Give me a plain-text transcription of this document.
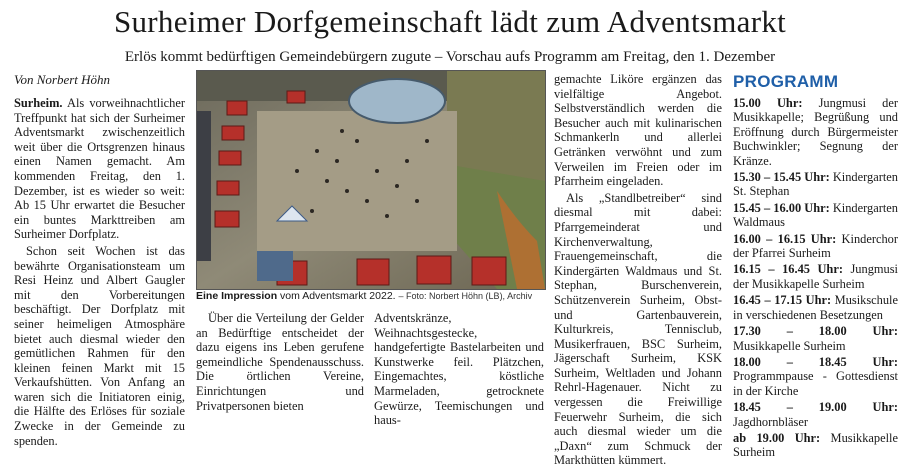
Surheimer Dorfgemeinschaft lädt zum Adventsmarkt
Erlös kommt bedürftigen Gemeindebürgern zugute – Vorschau aufs Programm am Freitag, den 1. Dezember
Von Norbert Höhn

Surheim. Als vorweihnachtlicher Treffpunkt hat sich der Surheimer Adventsmarkt zwischenzeitlich weit über die Ortsgrenzen hinaus einen Namen gemacht. Am kommenden Freitag, den 1. Dezember, ist es wieder so weit: Ab 15 Uhr erwartet die Besucher ein buntes Markttreiben am Surheimer Dorfplatz.

Schon seit Wochen ist das bewährte Organisationsteam um Resi Heinz und Albert Gaugler mit den Vorbereitungen beschäftigt. Der Dorfplatz mit seiner heimeligen Atmosphäre bietet auch diesmal wieder den gemütlichen Rahmen für den kleinen feinen Markt mit 15 Verkaufshütten. Von Anfang an waren sich die Initiatoren einig, die Hälfte des Erlöses für soziale Zwecke in der Gemeinde zu spenden.

Eine Impression vom Adventsmarkt 2022. – Foto: Norbert Höhn (LB), Archiv

Über die Verteilung der Gelder an Bedürftige entscheidet der dazu eigens ins Leben gerufene gemeindliche Spendenausschuss. Die örtlichen Vereine, Einrichtungen und Privatpersonen bieten

Adventskränze, Weihnachtsgestecke, handgefertigte Bastelarbeiten und Kunstwerke feil. Plätzchen, Eingemachtes, köstliche Marmeladen, getrocknete Gewürze, Teemischungen und haus-

gemachte Liköre ergänzen das vielfältige Angebot. Selbstverständlich werden die Besucher auch mit kulinarischen Schmankerln und allerlei Getränken verwöhnt und zum Verweilen im Freien oder im Pfarrheim eingeladen.

Als „Standlbetreiber“ sind diesmal mit dabei: Pfarrgemeinderat und Kirchenverwaltung, Frauengemeinschaft, die Kindergärten Waldmaus und St. Stephan, Burschenverein, Schützenverein Surheim, Obst- und Gartenbauverein, Kulturkreis, Tennisclub, Musikerfrauen, BSC Surheim, Jägerschaft Surheim, KSK Surheim, Weltladen und Johann Rehrl-Hagenauer. Nicht zu vergessen die Freiwillige Feuerwehr Surheim, die sich auch diesmal wieder um die „Daxn“ zum Schmuck der Markthütten kümmert.

PROGRAMM

15.00 Uhr: Jungmusi der Musikkapelle; Begrüßung und Eröffnung durch Bürgermeister Buchwinkler; Segnung der Kränze.

15.30 – 15.45 Uhr: Kindergarten St. Stephan

15.45 – 16.00 Uhr: Kindergarten Waldmaus

16.00 – 16.15 Uhr: Kinderchor der Pfarrei Surheim

16.15 – 16.45 Uhr: Jungmusi der Musikkapelle Surheim

16.45 – 17.15 Uhr: Musikschule in verschiedenen Besetzungen

17.30 – 18.00 Uhr: Musikkapelle Surheim

18.00 – 18.45 Uhr: Programmpause - Gottesdienst in der Kirche

18.45 – 19.00 Uhr: Jagdhornbläser

ab 19.00 Uhr: Musikkapelle Surheim
